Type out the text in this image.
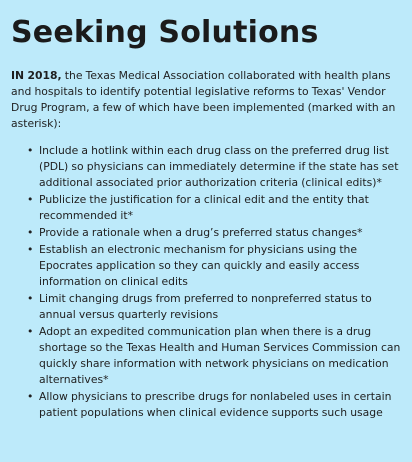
Seeking Solutions

IN 2018, the Texas Medical Association collaborated with health plans and hospitals to identify potential legislative reforms to Texas' Vendor Drug Program, a few of which have been implemented (marked with an asterisk):

• Include a hotlink within each drug class on the preferred drug list (PDL) so physicians can immediately determine if the state has set additional associated prior authorization criteria (clinical edits)*
• Publicize the justification for a clinical edit and the entity that recommended it*
• Provide a rationale when a drug’s preferred status changes*
• Establish an electronic mechanism for physicians using the Epocrates application so they can quickly and easily access information on clinical edits
• Limit changing drugs from preferred to nonpreferred status to annual versus quarterly revisions
• Adopt an expedited communication plan when there is a drug shortage so the Texas Health and Human Services Commission can quickly share information with network physicians on medication alternatives*
• Allow physicians to prescribe drugs for nonlabeled uses in certain patient populations when clinical evidence supports such usage
